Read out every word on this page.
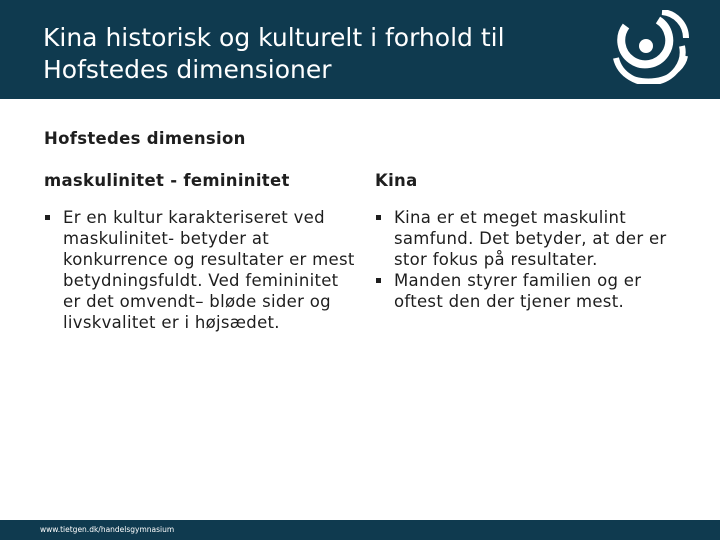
Kina historisk og kulturelt i forhold til
Hofstedes dimensioner
Hofstedes dimension

maskulinitet - femininitet
Er en kultur karakteriseret ved maskulinitet- betyder at konkurrence og resultater er mest betydningsfuldt. Ved femininitet er det omvendt– bløde sider og livskvalitet er i højsædet.
Kina
Kina er et meget maskulint samfund. Det betyder, at der er stor fokus på resultater.
Manden styrer familien og er oftest den der tjener mest.
www.tietgen.dk/handelsgymnasium
